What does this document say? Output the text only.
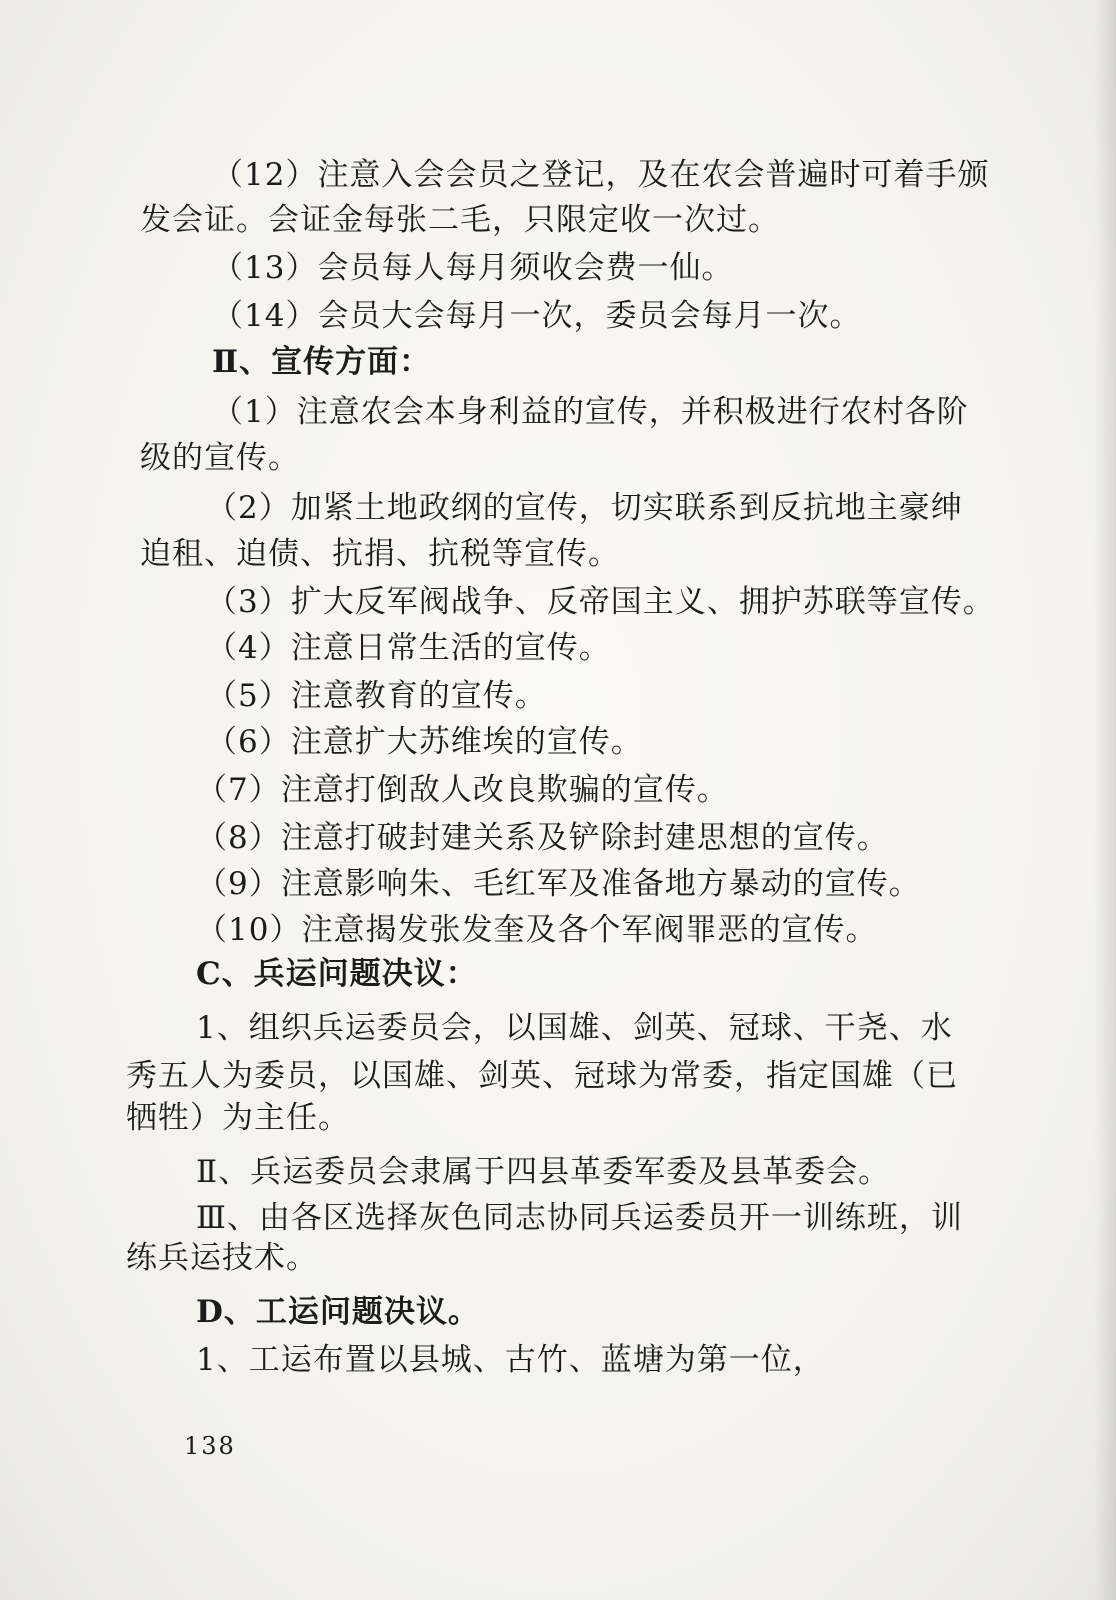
（12）注意入会会员之登记，及在农会普遍时可着手颁

发会证。会证金每张二毛，只限定收一次过。

（13）会员每人每月须收会费一仙。

（14）会员大会每月一次，委员会每月一次。

Ⅱ、宣传方面：

（1）注意农会本身利益的宣传，并积极进行农村各阶

级的宣传。

（2）加紧土地政纲的宣传，切实联系到反抗地主豪绅

迫租、迫债、抗捐、抗税等宣传。

（3）扩大反军阀战争、反帝国主义、拥护苏联等宣传。

（4）注意日常生活的宣传。

（5）注意教育的宣传。

（6）注意扩大苏维埃的宣传。

（7）注意打倒敌人改良欺骗的宣传。

（8）注意打破封建关系及铲除封建思想的宣传。

（9）注意影响朱、毛红军及准备地方暴动的宣传。

（10）注意揭发张发奎及各个军阀罪恶的宣传。

C、兵运问题决议：

1、组织兵运委员会，以国雄、剑英、冠球、干尧、水

秀五人为委员，以国雄、剑英、冠球为常委，指定国雄（已

牺牲）为主任。

Ⅱ、兵运委员会隶属于四县革委军委及县革委会。

Ⅲ、由各区选择灰色同志协同兵运委员开一训练班，训

练兵运技术。

D、工运问题决议。

1、工运布置以县城、古竹、蓝塘为第一位，

138
